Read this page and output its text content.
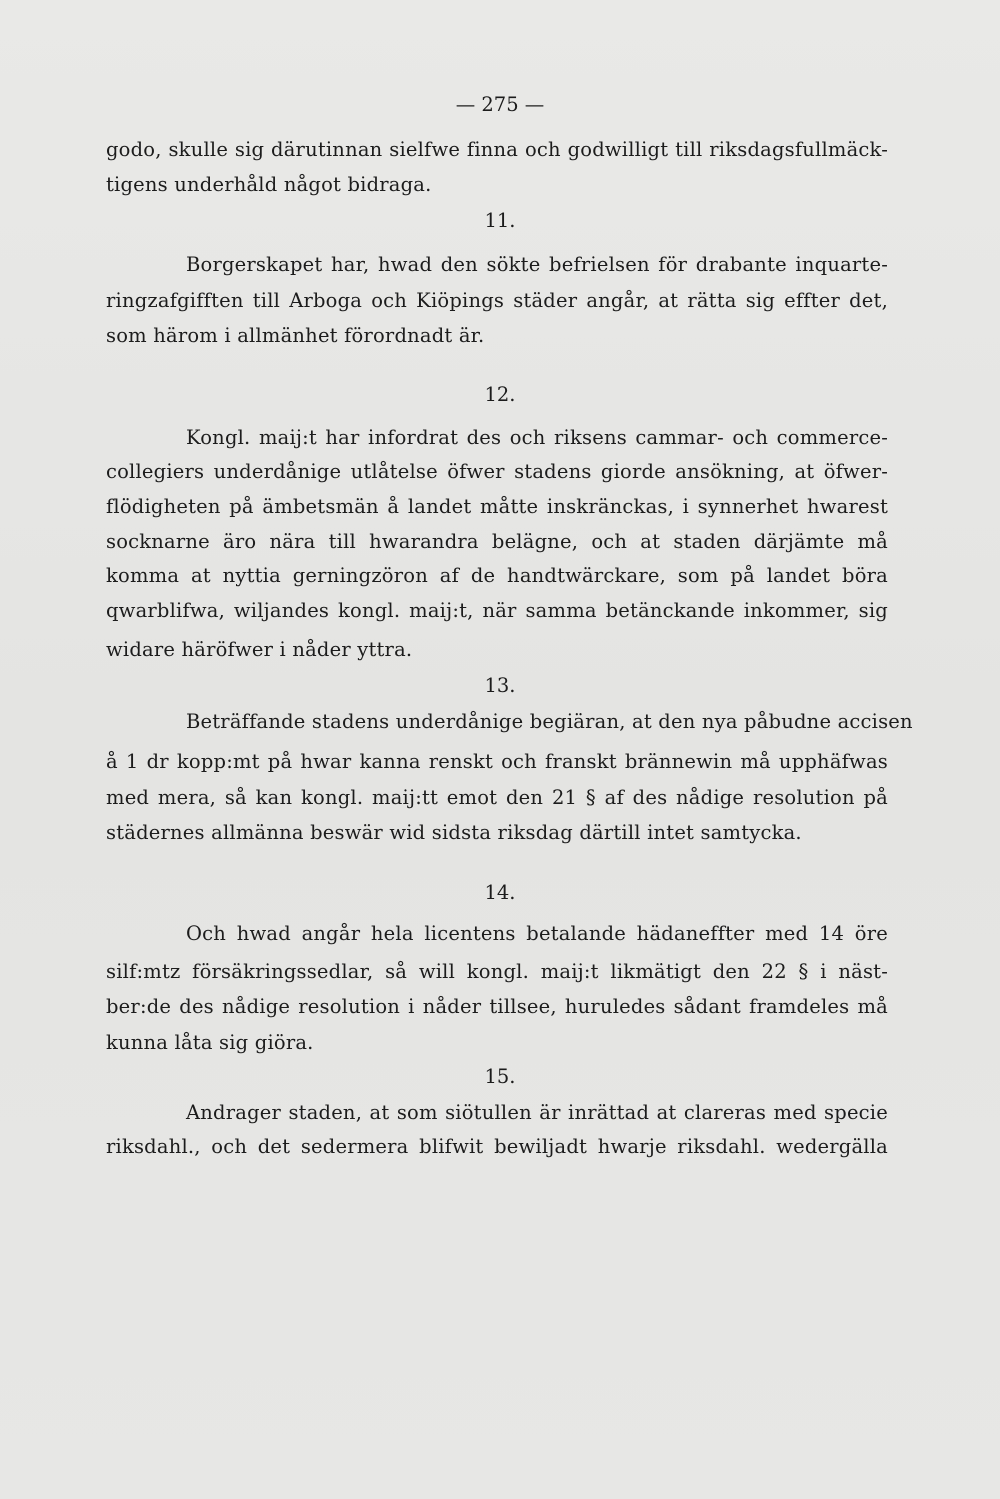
— 275 —
godo, skulle sig därutinnan sielfwe finna och godwilligt till riksdagsfullmäck-
tigens underhåld något bidraga.
11.
Borgerskapet har, hwad den sökte befrielsen för drabante inquarte-
ringzafgifften till Arboga och Kiöpings städer angår, at rätta sig effter det,
som hӓrom i allmänhet förordnadt är.
12.
Kongl. maij:t har infordrat des och riksens cammar- och commerce-
collegiers underdånige utlåtelse öfwer stadens giorde ansökning, at öfwer-
flödigheten på ämbetsmän å landet måtte inskränckas, i synnerhet hwarest
socknarne äro nära till hwarandra belägne, och at staden därjämte må
komma at nyttia gerningzöron af de handtwärckare, som på landet böra
qwarblifwa, wiljandes kongl. maij:t, när samma betänckande inkommer, sig
widare häröfwer i nåder yttra.
13.
Beträffande stadens underdånige begiäran, at den nya påbudne accisen
å 1 dr kopp:mt på hwar kanna renskt och franskt brännewin må upphäfwas
med mera, så kan kongl. maij:tt emot den 21 § af des nådige resolution på
städernes allmänna beswär wid sidsta riksdag därtill intet samtycka.
14.
Och hwad angår hela licentens betalande hädaneffter med 14 öre
silf:mtz försäkringssedlar, så will kongl. maij:t likmätigt den 22 § i näst-
ber:de des nådige resolution i nåder tillsee, huruledes sådant framdeles må
kunna låta sig giöra.
15.
Andrager staden, at som siötullen är inrättad at clareras med specie
riksdahl., och det sedermera blifwit bewiljadt hwarje riksdahl. wedergälla
